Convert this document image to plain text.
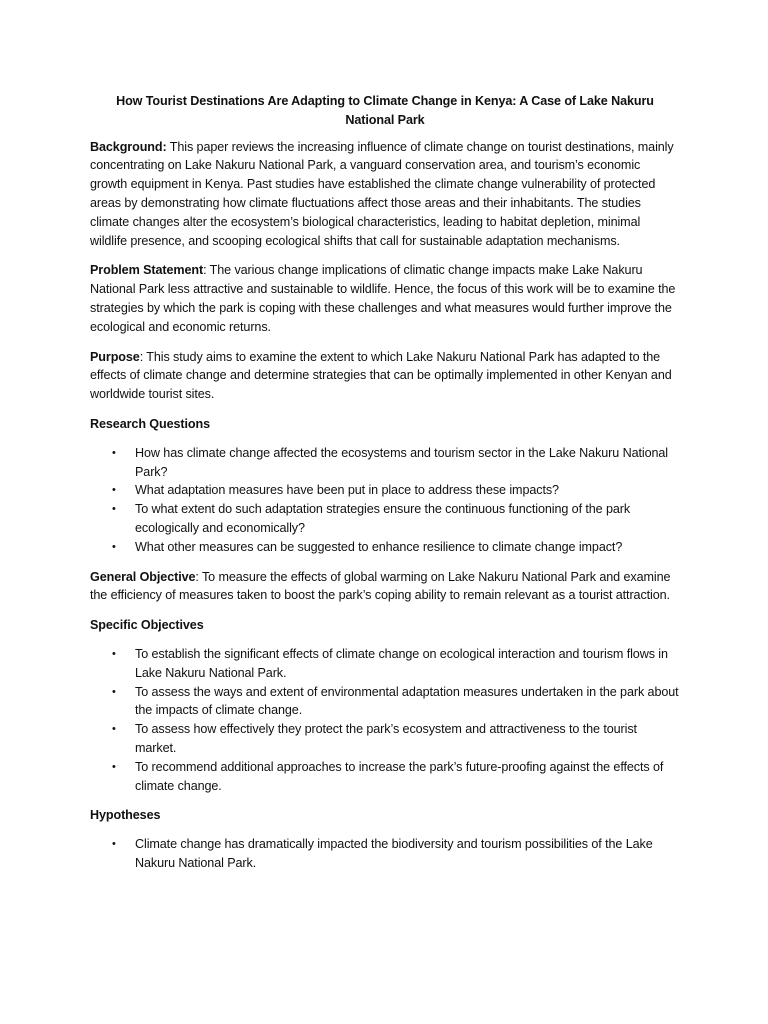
How Tourist Destinations Are Adapting to Climate Change in Kenya: A Case of Lake Nakuru National Park

Background: This paper reviews the increasing influence of climate change on tourist destinations, mainly concentrating on Lake Nakuru National Park, a vanguard conservation area, and tourism’s economic growth equipment in Kenya. Past studies have established the climate change vulnerability of protected areas by demonstrating how climate fluctuations affect those areas and their inhabitants. The studies climate changes alter the ecosystem’s biological characteristics, leading to habitat depletion, minimal wildlife presence, and scooping ecological shifts that call for sustainable adaptation mechanisms.

Problem Statement: The various change implications of climatic change impacts make Lake Nakuru National Park less attractive and sustainable to wildlife. Hence, the focus of this work will be to examine the strategies by which the park is coping with these challenges and what measures would further improve the ecological and economic returns.

Purpose: This study aims to examine the extent to which Lake Nakuru National Park has adapted to the effects of climate change and determine strategies that can be optimally implemented in other Kenyan and worldwide tourist sites.

Research Questions
• How has climate change affected the ecosystems and tourism sector in the Lake Nakuru National Park?
• What adaptation measures have been put in place to address these impacts?
• To what extent do such adaptation strategies ensure the continuous functioning of the park ecologically and economically?
• What other measures can be suggested to enhance resilience to climate change impact?

General Objective: To measure the effects of global warming on Lake Nakuru National Park and examine the efficiency of measures taken to boost the park’s coping ability to remain relevant as a tourist attraction.

Specific Objectives
• To establish the significant effects of climate change on ecological interaction and tourism flows in Lake Nakuru National Park.
• To assess the ways and extent of environmental adaptation measures undertaken in the park about the impacts of climate change.
• To assess how effectively they protect the park’s ecosystem and attractiveness to the tourist market.
• To recommend additional approaches to increase the park’s future-proofing against the effects of climate change.
Hypotheses
• Climate change has dramatically impacted the biodiversity and tourism possibilities of the Lake Nakuru National Park.
